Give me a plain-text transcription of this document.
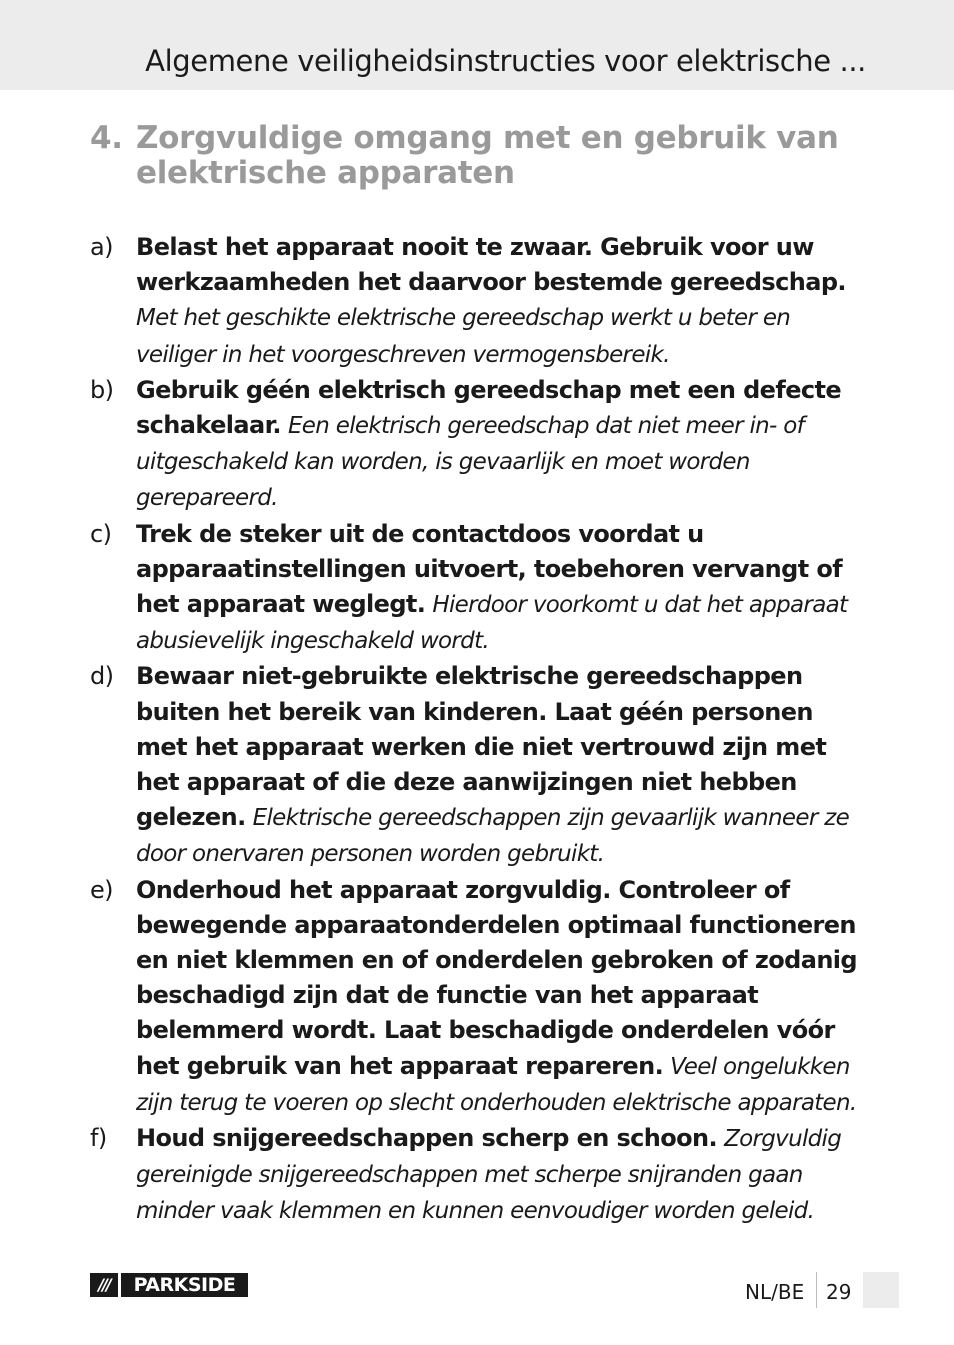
Algemene veiligheidsinstructies voor elektrische ...
4. Zorgvuldige omgang met en gebruik van elektrische apparaten
a) Belast het apparaat nooit te zwaar. Gebruik voor uw werkzaamheden het daarvoor bestemde gereedschap.
Met het geschikte elektrische gereedschap werkt u beter en veiliger in het voorgeschreven vermogensbereik.
b) Gebruik géén elektrisch gereedschap met een defecte schakelaar. Een elektrisch gereedschap dat niet meer in- of uitgeschakeld kan worden, is gevaarlijk en moet worden gerepareerd.
c)	Trek de steker uit de contactdoos voordat u apparaatinstellingen uitvoert, toebehoren vervangt of het apparaat weglegt. Hierdoor voorkomt u dat het apparaat abusievelijk ingeschakeld wordt.
d) Bewaar niet-gebruikte elektrische gereedschappen buiten het bereik van kinderen. Laat géén personen met het apparaat werken die niet vertrouwd zijn met het apparaat of die deze aanwijzingen niet hebben gelezen. Elektrische gereedschappen zijn gevaarlijk wanneer ze door onervaren personen worden gebruikt.
e) Onderhoud het apparaat zorgvuldig. Controleer of bewegende apparaatonderdelen optimaal functioneren en niet klemmen en of onderdelen gebroken of zodanig beschadigd zijn dat de functie van het apparaat belemmerd wordt. Laat beschadigde onderdelen vóór het gebruik van het apparaat repareren. Veel ongelukken zijn terug te voeren op slecht onderhouden elektrische apparaten.
f)	Houd snijgereedschappen scherp en schoon. Zorgvuldig gereinigde snijgereedschappen met scherpe snijranden gaan minder vaak klemmen en kunnen eenvoudiger worden geleid.
///	PARKSIDE	NL/BE 29
